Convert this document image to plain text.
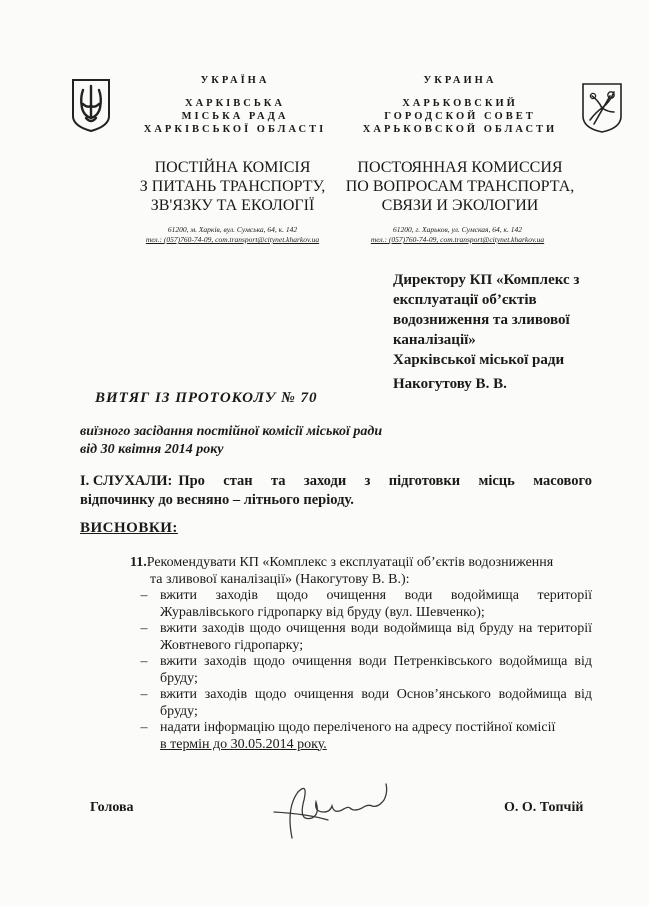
УКРАЇНА
ХАРКІВСЬКА
МІСЬКА РАДА
ХАРКІВСЬКОЇ ОБЛАСТІ
УКРАИНА
ХАРЬКОВСКИЙ
ГОРОДСКОЙ СОВЕТ
ХАРЬКОВСКОЙ ОБЛАСТИ
ПОСТІЙНА КОМІСІЯ
З ПИТАНЬ ТРАНСПОРТУ,
ЗВ'ЯЗКУ ТА ЕКОЛОГІЇ
ПОСТОЯННАЯ КОМИССИЯ
ПО ВОПРОСАМ ТРАНСПОРТА,
СВЯЗИ И ЭКОЛОГИИ
61200, м. Харків, вул. Сумська, 64, к. 142
тел.: (057)760-74-09, com.transport@citynet.kharkov.ua
61200, г. Харьков, ул. Сумская, 64, к. 142
тел.: (057)760-74-09, com.transport@citynet.kharkov.ua
Директору КП «Комплекс з
експлуатації об’єктів
водозниження та зливової
каналізації»
Харківської міської ради
Накогутову В. В.
ВИТЯГ ІЗ ПРОТОКОЛУ № 70
виїзного засідання постійної комісії міської ради
від 30 квітня 2014 року
І. СЛУХАЛИ: Про стан та заходи з підготовки місць масового
відпочинку до весняно – літнього періоду.
ВИСНОВКИ:
11. Рекомендувати КП «Комплекс з експлуатації об’єктів водозниження
та зливової каналізації» (Накогутову В. В.):
– вжити заходів щодо очищення води водоймища території Журавлівського гідропарку від бруду (вул. Шевченко);
– вжити заходів щодо очищення води водоймища від бруду на території Жовтневого гідропарку;
– вжити заходів щодо очищення води Петренківського водоймища від бруду;
– вжити заходів щодо очищення води Основ’янського водоймища від бруду;
– надати інформацію щодо переліченого на адресу постійної комісії
в термін до 30.05.2014 року.
Голова	О. О. Топчій
